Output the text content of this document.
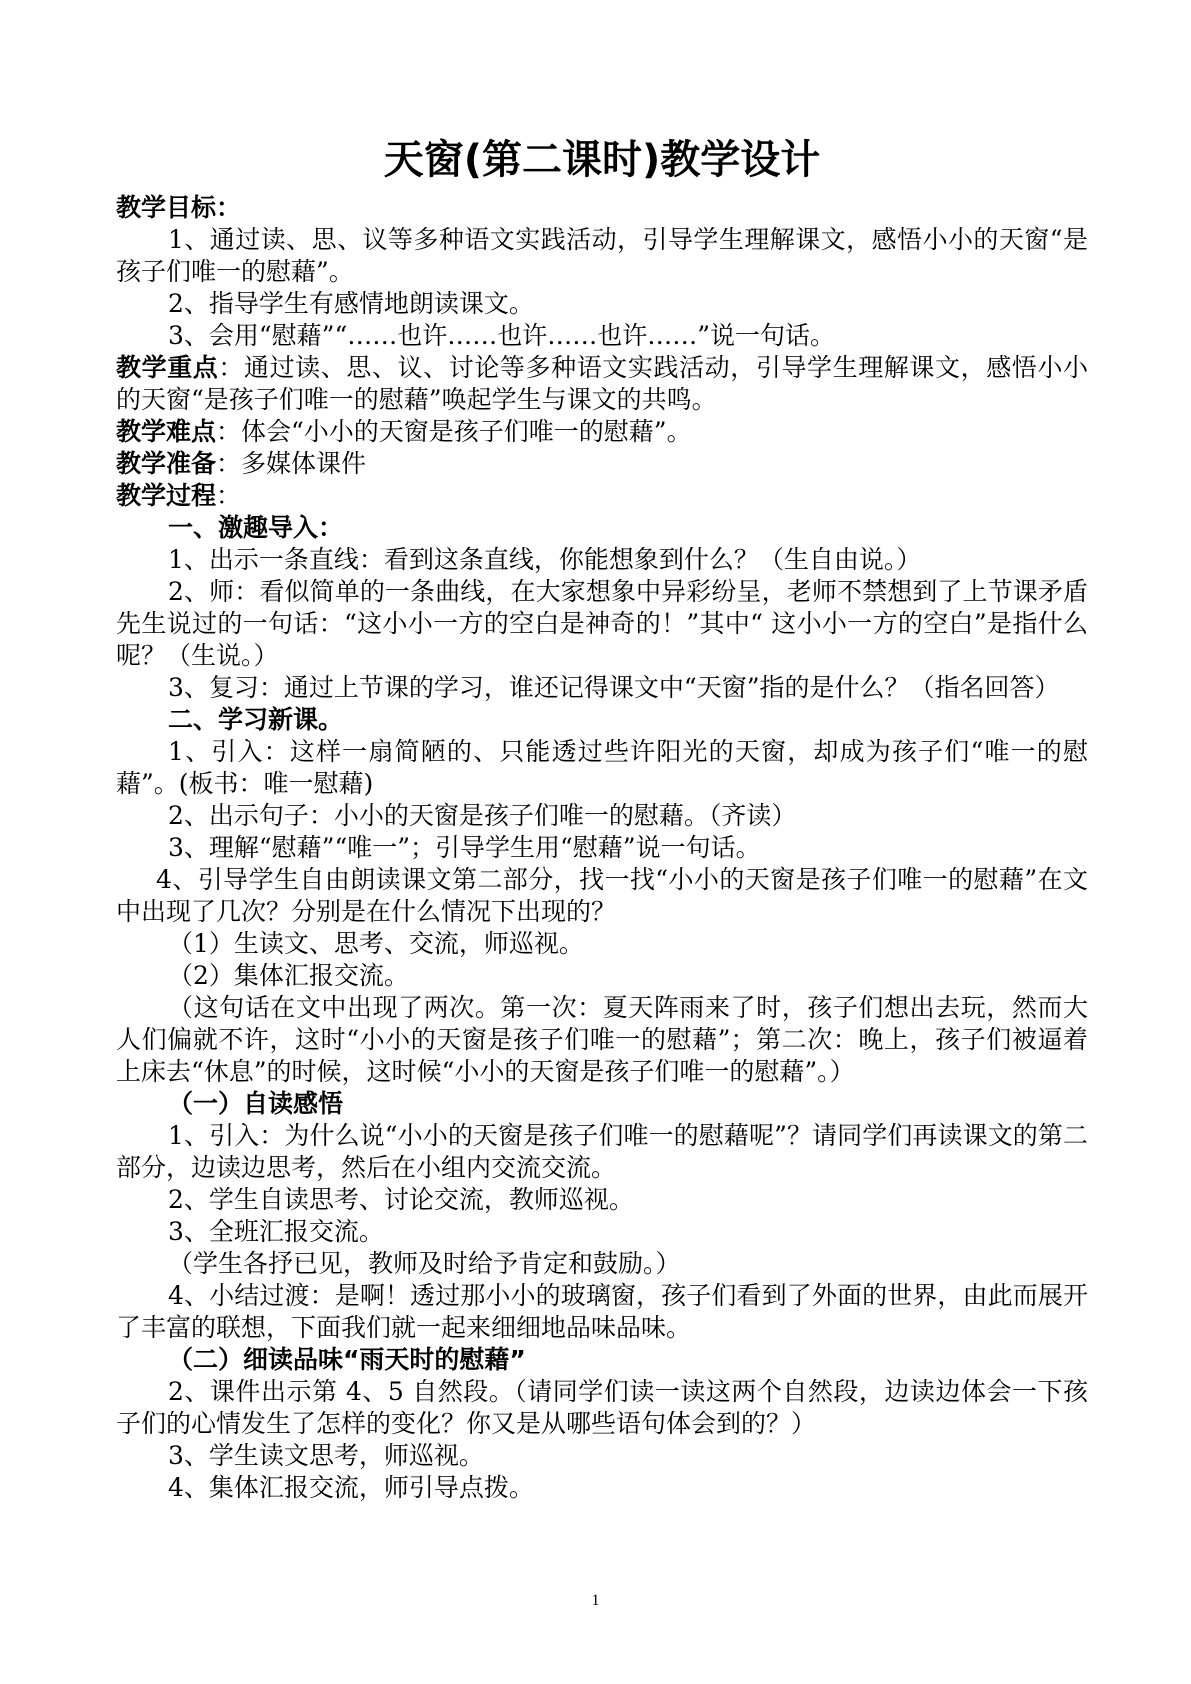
天窗(第二课时)教学设计

教学目标：

1、通过读、思、议等多种语文实践活动，引导学生理解课文，感悟小小的天窗“是孩子们唯一的慰藉”。

2、指导学生有感情地朗读课文。

3、会用“慰藉”“……也许……也许……也许……”说一句话。

教学重点：通过读、思、议、讨论等多种语文实践活动，引导学生理解课文，感悟小小的天窗“是孩子们唯一的慰藉”唤起学生与课文的共鸣。

教学难点：体会“小小的天窗是孩子们唯一的慰藉”。

教学准备：多媒体课件

教学过程：

一、激趣导入：

1、出示一条直线：看到这条直线，你能想象到什么？（生自由说。）

2、师：看似简单的一条曲线，在大家想象中异彩纷呈，老师不禁想到了上节课矛盾先生说过的一句话：“这小小一方的空白是神奇的！”其中“ 这小小一方的空白”是指什么呢？（生说。）

3、复习：通过上节课的学习，谁还记得课文中“天窗”指的是什么？（指名回答）

二、学习新课。

1、引入：这样一扇简陋的、只能透过些许阳光的天窗，却成为孩子们“唯一的慰藉”。(板书：唯一慰藉)

2、出示句子：小小的天窗是孩子们唯一的慰藉。（齐读）

3、理解“慰藉”“唯一”；引导学生用“慰藉”说一句话。

4、引导学生自由朗读课文第二部分，找一找“小小的天窗是孩子们唯一的慰藉”在文中出现了几次？分别是在什么情况下出现的？

（1）生读文、思考、交流，师巡视。

（2）集体汇报交流。

（这句话在文中出现了两次。第一次：夏天阵雨来了时，孩子们想出去玩，然而大人们偏就不许，这时“小小的天窗是孩子们唯一的慰藉”；第二次：晚上，孩子们被逼着上床去“休息”的时候，这时候“小小的天窗是孩子们唯一的慰藉”。）

（一）自读感悟

1、引入：为什么说“小小的天窗是孩子们唯一的慰藉呢”？请同学们再读课文的第二部分，边读边思考，然后在小组内交流交流。

2、学生自读思考、讨论交流，教师巡视。

3、全班汇报交流。

（学生各抒已见，教师及时给予肯定和鼓励。）

4、小结过渡：是啊！透过那小小的玻璃窗，孩子们看到了外面的世界，由此而展开了丰富的联想，下面我们就一起来细细地品味品味。

（二）细读品味“雨天时的慰藉”

2、课件出示第 4、5 自然段。（请同学们读一读这两个自然段，边读边体会一下孩子们的心情发生了怎样的变化？你又是从哪些语句体会到的？）

3、学生读文思考，师巡视。

4、集体汇报交流，师引导点拨。

1
